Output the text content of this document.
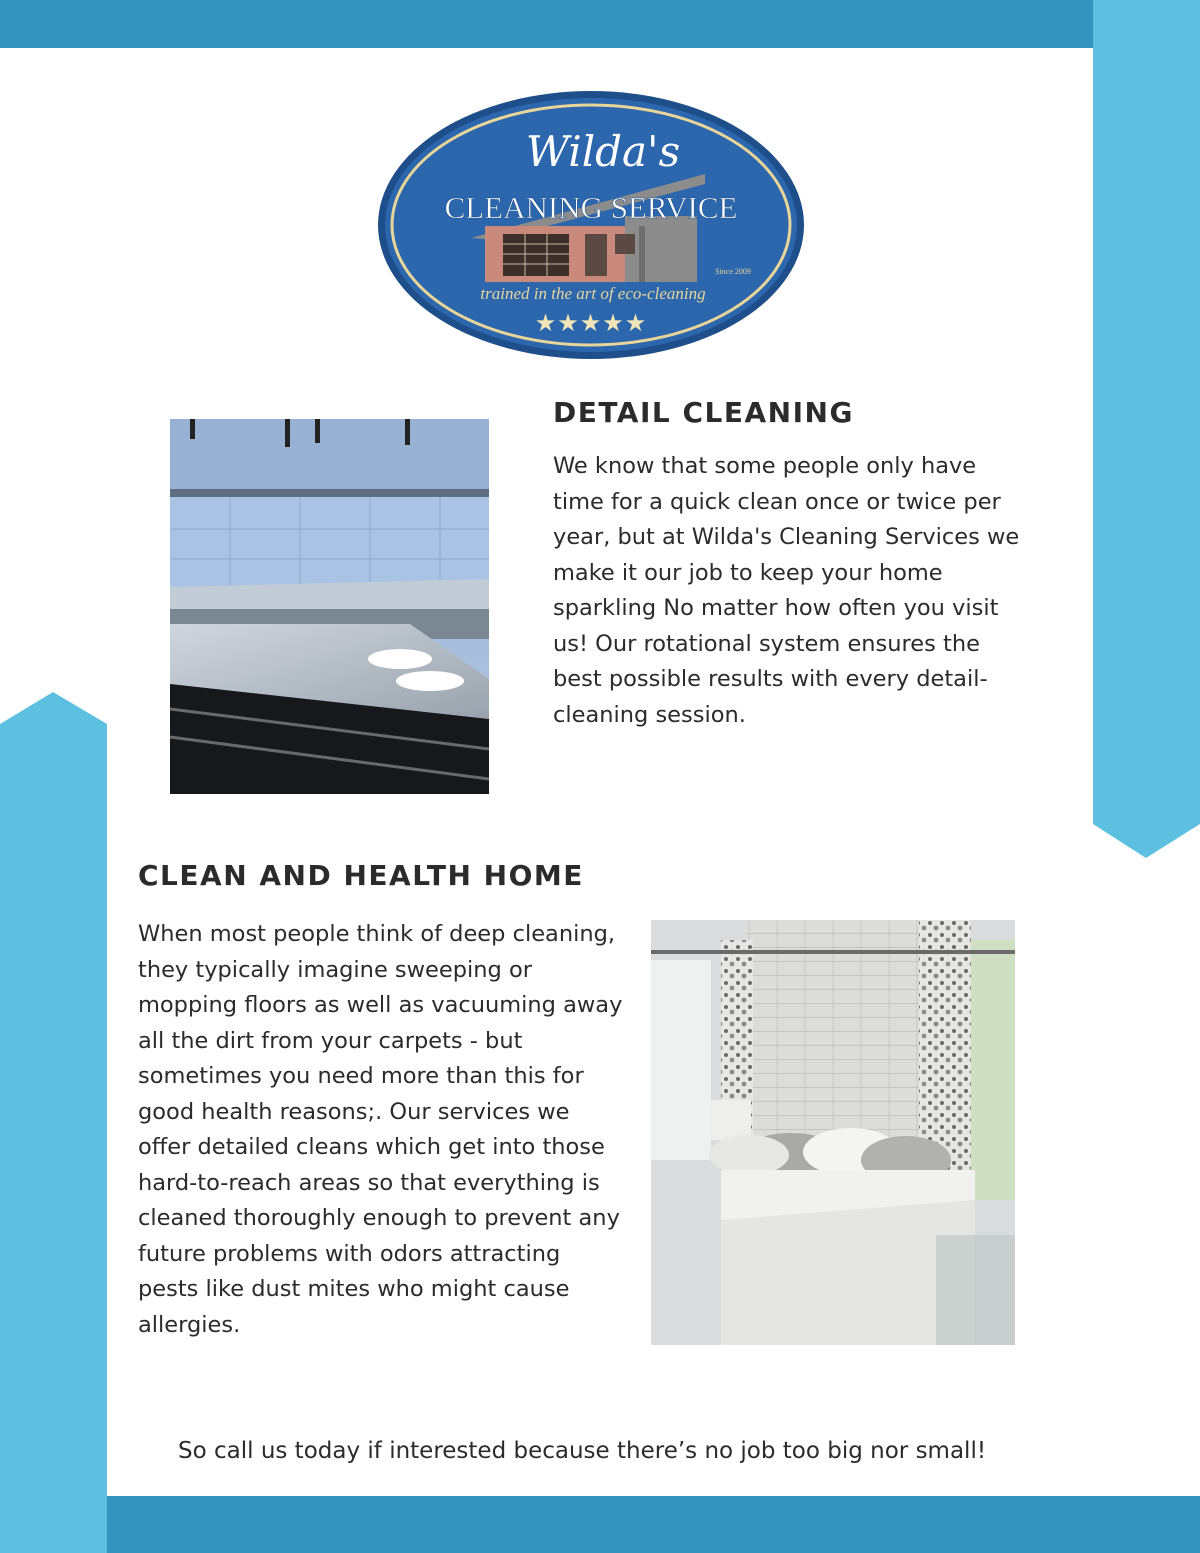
Wilda's
CLEANING SERVICE
Since 2009
trained in the art of eco-cleaning
★★★★★
DETAIL CLEANING

We know that some people only have time for a quick clean once or twice per year, but at Wilda's Cleaning Services we make it our job to keep your home sparkling No matter how often you visit us! Our rotational system ensures the best possible results with every detail-cleaning session.

CLEAN AND HEALTH HOME

When most people think of deep cleaning, they typically imagine sweeping or mopping floors as well as vacuuming away all the dirt from your carpets - but sometimes you need more than this for good health reasons;. Our services we offer detailed cleans which get into those hard-to-reach areas so that everything is cleaned thoroughly enough to prevent any future problems with odors attracting pests like dust mites who might cause allergies.

So call us today if interested because there’s no job too big nor small!
